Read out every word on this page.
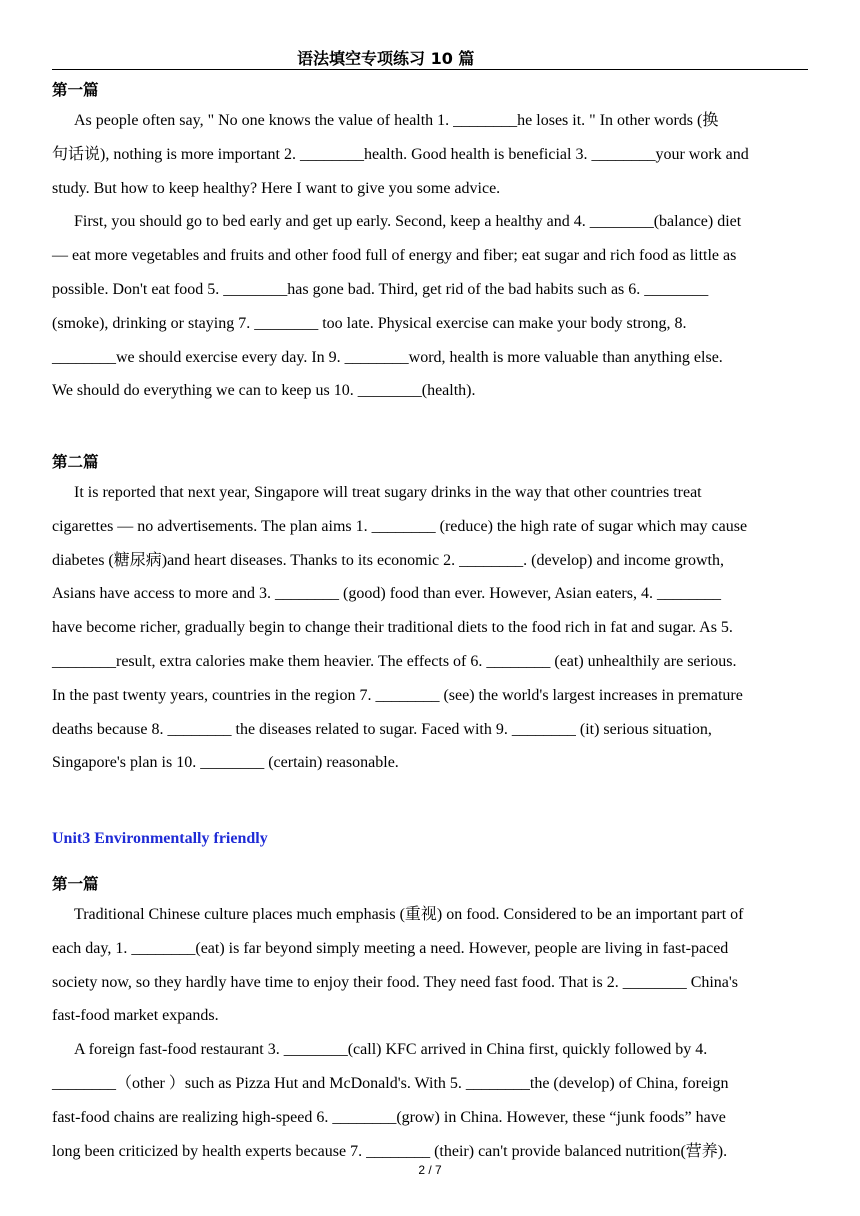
语法填空专项练习 10 篇
第一篇
As people often say, " No one knows the value of health 1. ________he loses it. " In other words (换
句话说), nothing is more important 2. ________health. Good health is beneficial 3. ________your work and
study. But how to keep healthy? Here I want to give you some advice.
First, you should go to bed early and get up early. Second, keep a healthy and 4. ________(balance) diet
— eat more vegetables and fruits and other food full of energy and fiber; eat sugar and rich food as little as
possible. Don't eat food 5. ________has gone bad. Third, get rid of the bad habits such as 6. ________
(smoke), drinking or staying 7. ________ too late. Physical exercise can make your body strong, 8.
________we should exercise every day. In 9. ________word, health is more valuable than anything else.
We should do everything we can to keep us 10. ________(health).
第二篇
It is reported that next year, Singapore will treat sugary drinks in the way that other countries treat
cigarettes — no advertisements. The plan aims 1. ________ (reduce) the high rate of sugar which may cause
diabetes (糖尿病)and heart diseases. Thanks to its economic 2. ________. (develop) and income growth,
Asians have access to more and 3. ________ (good) food than ever. However, Asian eaters, 4. ________
have become richer, gradually begin to change their traditional diets to the food rich in fat and sugar. As 5.
________result, extra calories make them heavier. The effects of 6. ________ (eat) unhealthily are serious.
In the past twenty years, countries in the region 7. ________ (see) the world's largest increases in premature
deaths because 8. ________ the diseases related to sugar. Faced with 9. ________ (it) serious situation,
Singapore's plan is 10. ________ (certain) reasonable.
Unit3 Environmentally friendly
第一篇
Traditional Chinese culture places much emphasis (重视) on food. Considered to be an important part of
each day, 1. ________(eat) is far beyond simply meeting a need. However, people are living in fast-paced
society now, so they hardly have time to enjoy their food. They need fast food. That is 2. ________ China's
fast-food market expands.
A foreign fast-food restaurant 3. ________(call) KFC arrived in China first, quickly followed by 4.
________（other ）such as Pizza Hut and McDonald's. With 5. ________the (develop) of China, foreign
fast-food chains are realizing high-speed 6. ________(grow) in China. However, these “junk foods” have
long been criticized by health experts because 7. ________ (their) can't provide balanced nutrition(营养).
2 / 7
